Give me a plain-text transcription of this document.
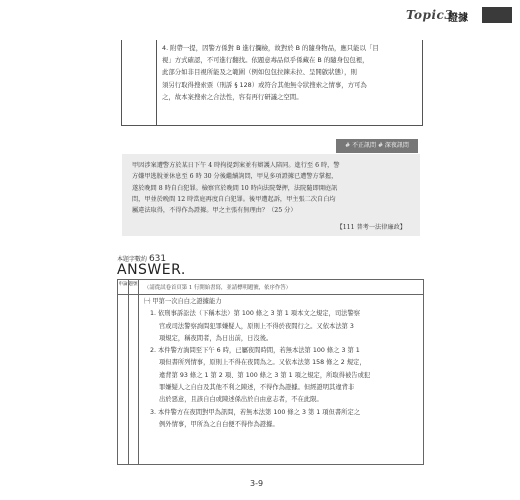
Topic3
證據
4. 附帶一提，因警方係對 B 進行攔檢，故對於 B 的隨身物品，應只能以「目
視」方式確認，不可進行翻找。依題意毒品似乎係藏在 B 的隨身包包裡，
此部分如非目視所能及之範圍（例如包包拉鍊未拉、呈開啟狀態），則
須另行取得搜索票（刑訴 § 128）或符合其他無令狀搜索之情事，方可為
之，故本案搜索之合法性，容有再行研議之空間。
# 不正訊問 # 深夜訊問
甲因涉案遭警方於某日下午 4 時拘提到案並有辯護人陪同。進行至 6 時，警
方嫌甲逃脫並休息至 6 時 30 分後繼續詢問，甲見多項證據已遭警方掌握，
遂於晚間 8 時自白犯罪。檢察官於晚間 10 時向法院聲押，法院隨即開庭訊
問，甲並於晚間 12 時當庭再度自白犯罪。後甲遭起訴，甲主張二次自白均
屬違法取得，不得作為證據。甲之主張有無理由？（25 分）
【111 普考一法律廉政】
本題字數約 631
ANSWER.
申論 題號
（請從試卷首頁第 1 行開始書寫，並請標明題號，依序作答）
㈠ 甲第一次自白之證據能力
1. 依刑事訴訟法（下稱本法）第 100 條之 3 第 1 項本文之規定，司法警察
官或司法警察詢問犯罪嫌疑人，原則上不得於夜間行之。又依本法第 3
項規定，稱夜間者，為日出前，日沒後。
2. 本件警方詢問至下午 6 時，已屬夜間時間，若無本法第 100 條之 3 第 1
項但書所列情事，原則上不得在夜間為之。又依本法第 158 條之 2 規定，
違背第 93 條之 1 第 2 項、第 100 條之 3 第 1 項之規定，所取得被告或犯
罪嫌疑人之自白及其他不利之陳述，不得作為證據。但經證明其違背非
出於惡意，且該自白或陳述係出於自由意志者，不在此限。
3. 本件警方在夜間對甲為訊問，若無本法第 100 條之 3 第 1 項但書所定之
例外情事，甲所為之自白便不得作為證據。
3-9
